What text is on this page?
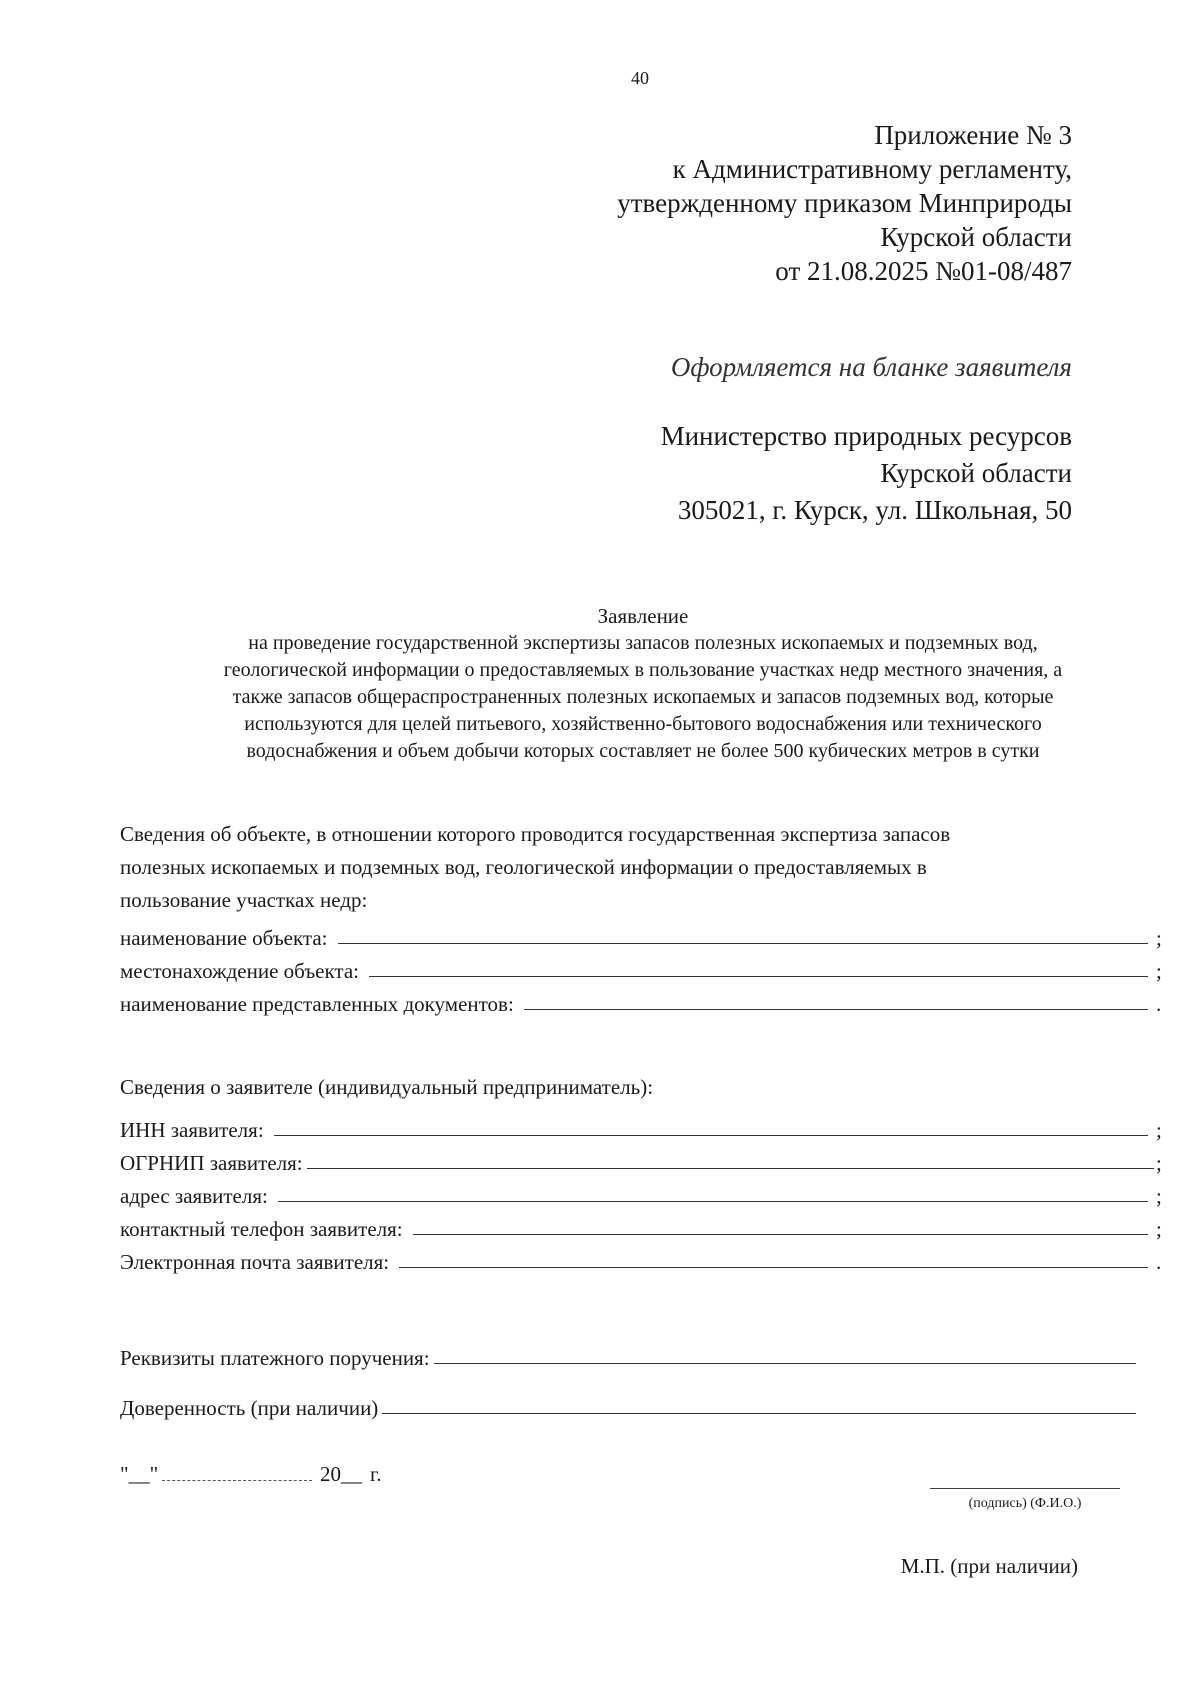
40
Приложение № 3
к Административному регламенту,
утвержденному приказом Минприроды
Курской области
от 21.08.2025 №01-08/487
Оформляется на бланке заявителя
Министерство природных ресурсов
Курской области
305021, г. Курск, ул. Школьная, 50
Заявление
на проведение государственной экспертизы запасов полезных ископаемых и подземных вод,
геологической информации о предоставляемых в пользование участках недр местного значения, а
также запасов общераспространенных полезных ископаемых и запасов подземных вод, которые
используются для целей питьевого, хозяйственно-бытового водоснабжения или технического
водоснабжения и объем добычи которых составляет не более 500 кубических метров в сутки
Сведения об объекте, в отношении которого проводится государственная экспертиза запасов
полезных ископаемых и подземных вод, геологической информации о предоставляемых в
пользование участках недр:
наименование объекта:	;
местонахождение объекта:	;
наименование представленных документов:	.
Сведения о заявителе (индивидуальный предприниматель):
ИНН заявителя:	;
ОГРНИП заявителя:	;
адрес заявителя:	;
контактный телефон заявителя:	;
Электронная почта заявителя:	.
Реквизиты платежного поручения:
Доверенность (при наличии)
"__"	20__ г.
(подпись) (Ф.И.О.)
М.П. (при наличии)
